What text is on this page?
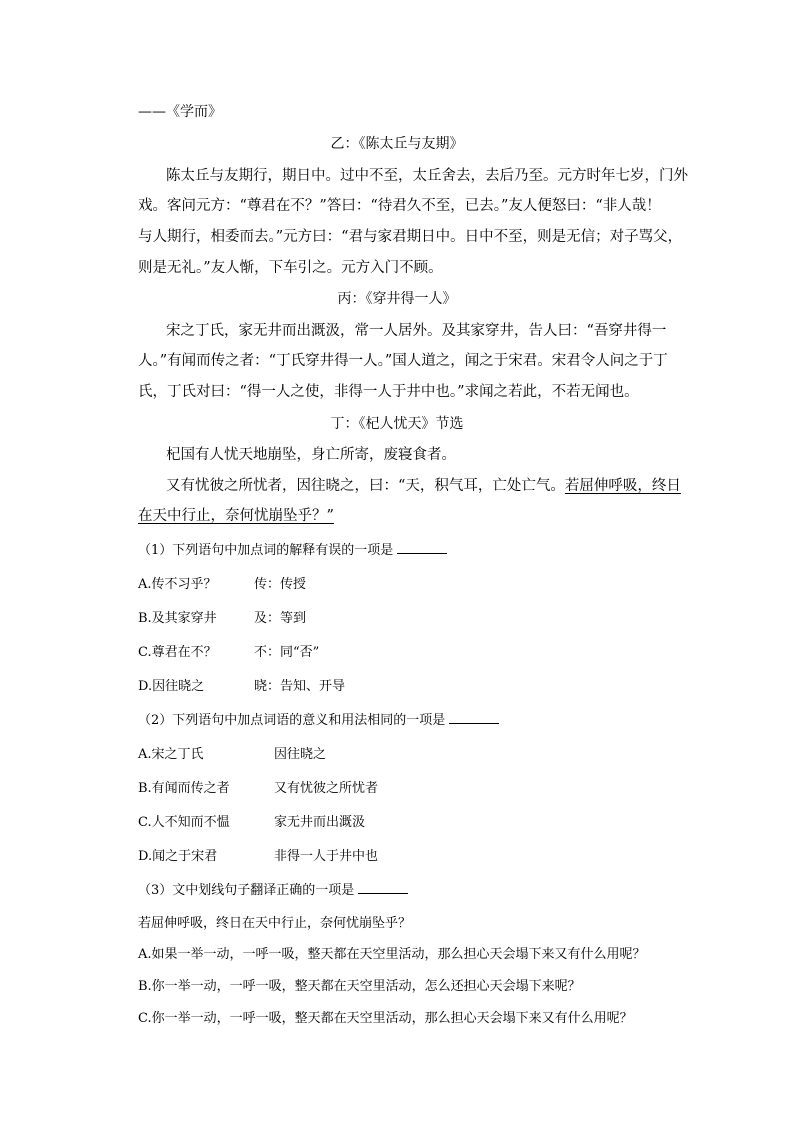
——《学而》
乙：《陈太丘与友期》
陈太丘与友期行，期日中。过中不至，太丘舍去，去后乃至。元方时年七岁，门外
戏。客问元方：“尊君在不？”答曰：“待君久不至，已去。”友人便怒曰：“非人哉！
与人期行，相委而去。”元方曰：“君与家君期日中。日中不至，则是无信；对子骂父，
则是无礼。”友人惭，下车引之。元方入门不顾。
丙：《穿井得一人》
宋之丁氏，家无井而出溉汲，常一人居外。及其家穿井，告人曰：“吾穿井得一
人。”有闻而传之者：“丁氏穿井得一人。”国人道之，闻之于宋君。宋君令人问之于丁
氏，丁氏对曰：“得一人之使，非得一人于井中也。”求闻之若此，不若无闻也。
丁：《杞人忧天》节选
杞国有人忧天地崩坠，身亡所寄，废寝食者。
又有忧彼之所忧者，因往晓之，曰：“天，积气耳，亡处亡气。若屈伸呼吸，终日
在天中行止，奈何忧崩坠乎？”
（1）下列语句中加点词的解释有误的一项是
A.传不习乎？	传：传授
B.及其家穿井	及：等到
C.尊君在不？	不：同“否”
D.因往晓之	晓：告知、开导
（2）下列语句中加点词语的意义和用法相同的一项是
A.宋之丁氏	因往晓之
B.有闻而传之者	又有忧彼之所忧者
C.人不知而不愠	家无井而出溉汲
D.闻之于宋君	非得一人于井中也
（3）文中划线句子翻译正确的一项是
若屈伸呼吸，终日在天中行止，奈何忧崩坠乎？
A.如果一举一动，一呼一吸，整天都在天空里活动，那么担心天会塌下来又有什么用呢？
B.你一举一动，一呼一吸，整天都在天空里活动，怎么还担心天会塌下来呢？
C.你一举一动，一呼一吸，整天都在天空里活动，那么担心天会塌下来又有什么用呢？
